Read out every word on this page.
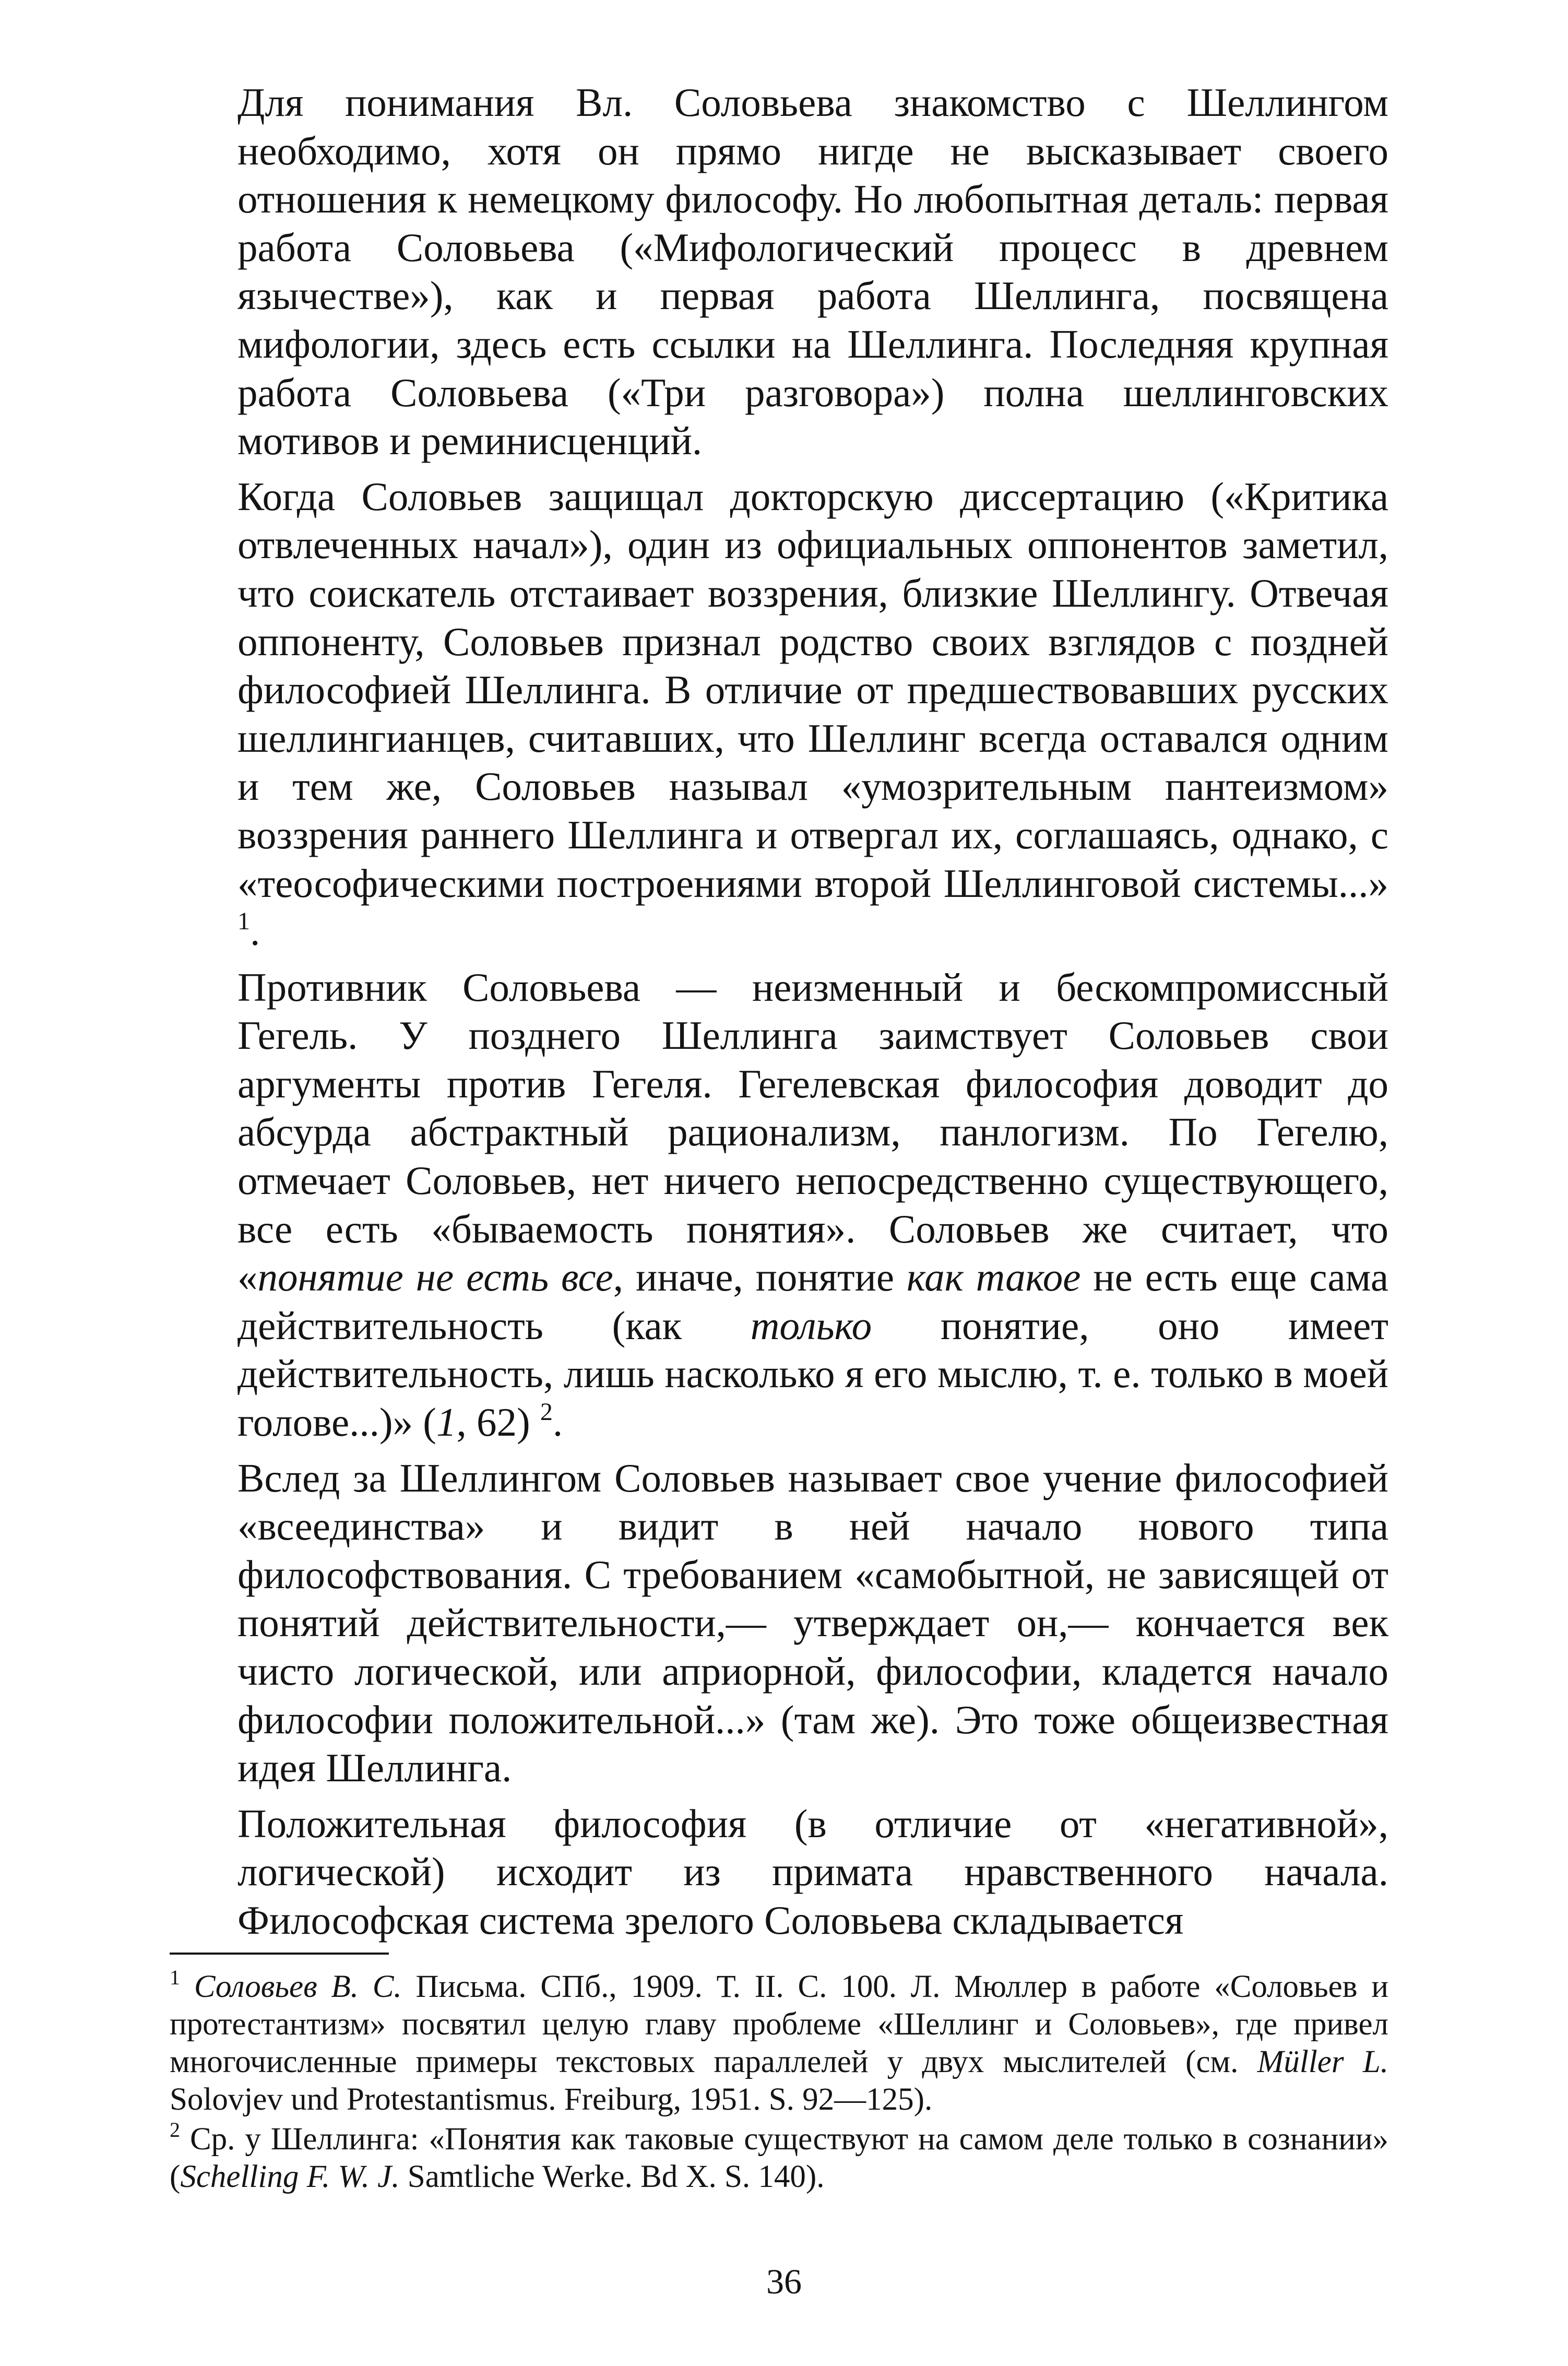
Для понимания Вл. Соловьева знакомство с Шеллингом необходимо, хотя он прямо нигде не высказывает своего отношения к немецкому философу. Но любопытная деталь: первая работа Соловьева («Мифологический процесс в древнем язычестве»), как и первая работа Шеллинга, посвящена мифологии, здесь есть ссылки на Шеллинга. Последняя крупная работа Соловьева («Три разговора») полна шеллинговских мотивов и реминисценций.

Когда Соловьев защищал докторскую диссертацию («Критика отвлеченных начал»), один из официальных оппонентов заметил, что соискатель отстаивает воззрения, близкие Шеллингу. Отвечая оппоненту, Соловьев признал родство своих взглядов с поздней философией Шеллинга. В отличие от предшествовавших русских шеллингианцев, считавших, что Шеллинг всегда оставался одним и тем же, Соловьев называл «умозрительным пантеизмом» воззрения раннего Шеллинга и отвергал их, соглашаясь, однако, с «теософическими построениями второй Шеллинговой системы...» $^1$.

Противник Соловьева — неизменный и бескомпромиссный Гегель. У позднего Шеллинга заимствует Соловьев свои аргументы против Гегеля. Гегелевская философия доводит до абсурда абстрактный рационализм, панлогизм. По Гегелю, отмечает Соловьев, нет ничего непосредственно существующего, все есть «бываемость понятия». Соловьев же считает, что «понятие не есть все, иначе, понятие как такое не есть еще сама действительность (как только понятие, оно имеет действительность, лишь насколько я его мыслю, т. е. только в моей голове...)» (1, 62) $^2$.

Вслед за Шеллингом Соловьев называет свое учение философией «всеединства» и видит в ней начало нового типа философствования. С требованием «самобытной, не зависящей от понятий действительности,— утверждает он,— кончается век чисто логической, или априорной, философии, кладется начало философии положительной...» (там же). Это тоже общеизвестная идея Шеллинга.

Положительная философия (в отличие от «негативной», логической) исходит из примата нравственного начала. Философская система зрелого Соловьева складывается

$^1$ Соловьев В. С. Письма. СПб., 1909. Т. II. С. 100. Л. Мюллер в работе «Соловьев и протестантизм» посвятил целую главу проблеме «Шеллинг и Соловьев», где привел многочисленные примеры текстовых параллелей у двух мыслителей (см. Müller L. Solovjev und Protestantismus. Freiburg, 1951. S. 92—125).

$^2$ Ср. у Шеллинга: «Понятия как таковые существуют на самом деле только в сознании» (Schelling F. W. J. Samtliche Werke. Bd X. S. 140).

36
